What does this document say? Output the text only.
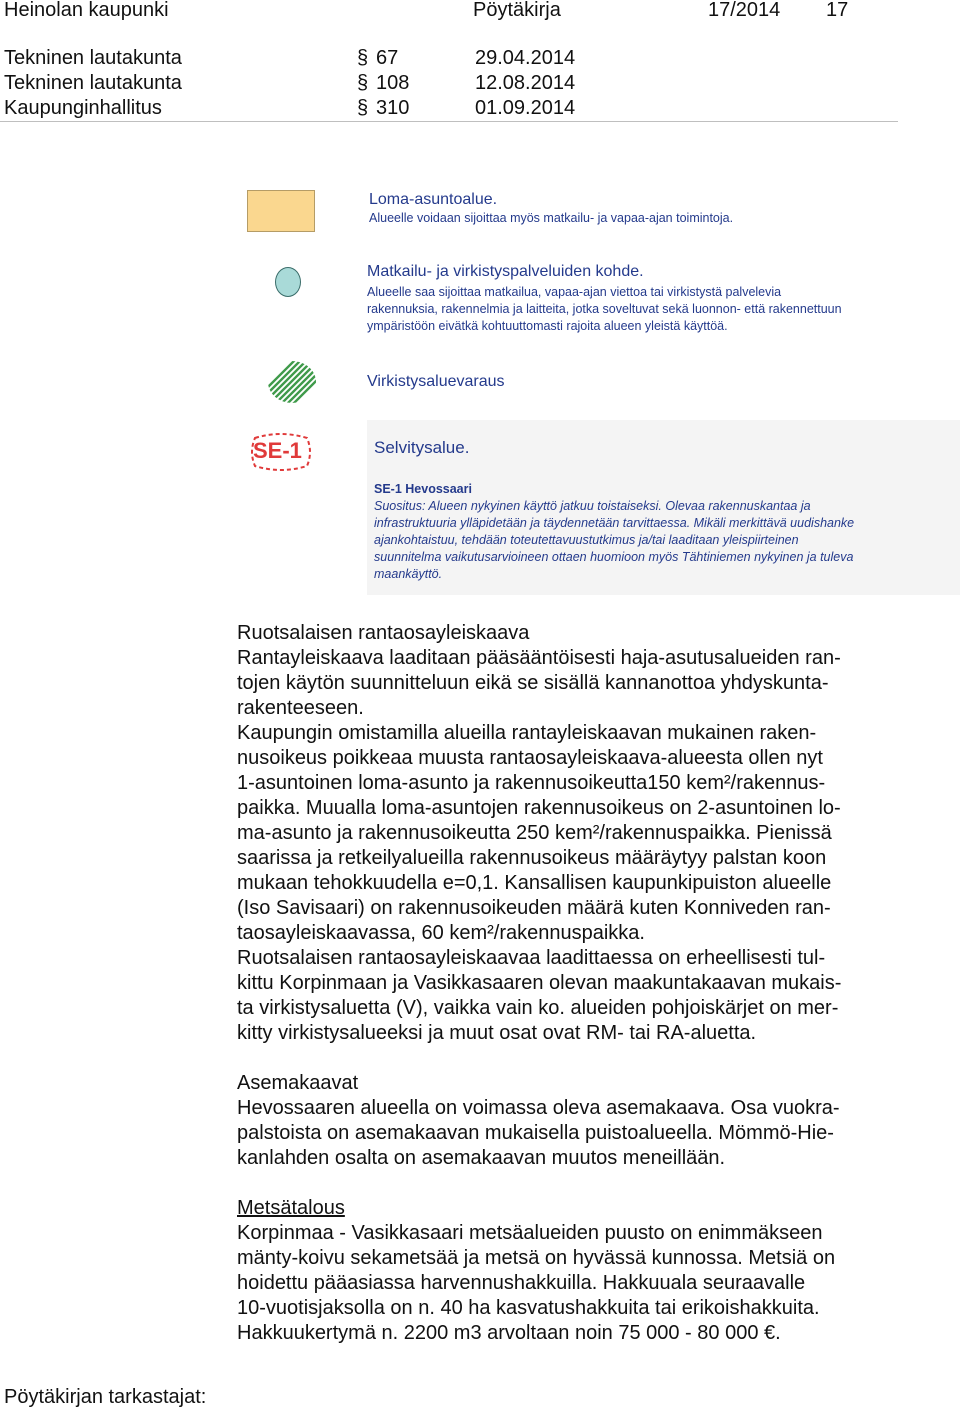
Heinolan kaupunki	Pöytäkirja	17/2014 17
Tekninen lautakunta	§ 67	29.04.2014
Tekninen lautakunta	§ 108	12.08.2014
Kaupunginhallitus	§ 310	01.09.2014
Loma-asuntoalue.
Alueelle voidaan sijoittaa myös matkailu- ja vapaa-ajan toimintoja.
Matkailu- ja virkistyspalveluiden kohde.
Alueelle saa sijoittaa matkailua, vapaa-ajan viettoa tai virkistystä palvelevia
rakennuksia, rakennelmia ja laitteita, jotka soveltuvat sekä luonnon- että rakennettuun
ympäristöön eivätkä kohtuuttomasti rajoita alueen yleistä käyttöä.
Virkistysaluevaraus
SE-1	Selvitysalue.
SE-1 Hevossaari
Suositus: Alueen nykyinen käyttö jatkuu toistaiseksi. Olevaa rakennuskantaa ja
infrastruktuuria ylläpidetään ja täydennetään tarvittaessa. Mikäli merkittävä uudishanke
ajankohtaistuu, tehdään toteutettavuustutkimus ja/tai laaditaan yleispiirteinen
suunnitelma vaikutusarvioineen ottaen huomioon myös Tähtiniemen nykyinen ja tuleva
maankäyttö.
Ruotsalaisen rantaosayleiskaava
Rantayleiskaava laaditaan pääsääntöisesti haja-asutusalueiden ran-
tojen käytön suunnitteluun eikä se sisällä kannanottoa yhdyskunta-
rakenteeseen.
Kaupungin omistamilla alueilla rantayleiskaavan mukainen raken-
nusoikeus poikkeaa muusta rantaosayleiskaava-alueesta ollen nyt
1-asuntoinen loma-asunto ja rakennusoikeutta150 kem²/rakennus-
paikka. Muualla loma-asuntojen rakennusoikeus on 2-asuntoinen lo-
ma-asunto ja rakennusoikeutta 250 kem²/rakennuspaikka. Pienissä
saarissa ja retkeilyalueilla rakennusoikeus määräytyy palstan koon
mukaan tehokkuudella e=0,1. Kansallisen kaupunkipuiston alueelle
(Iso Savisaari) on rakennusoikeuden määrä kuten Konniveden ran-
taosayleiskaavassa, 60 kem²/rakennuspaikka.
Ruotsalaisen rantaosayleiskaavaa laadittaessa on erheellisesti tul-
kittu Korpinmaan ja Vasikkasaaren olevan maakuntakaavan mukais-
ta virkistysaluetta (V), vaikka vain ko. alueiden pohjoiskärjet on mer-
kitty virkistysalueeksi ja muut osat ovat RM- tai RA-aluetta.
Asemakaavat
Hevossaaren alueella on voimassa oleva asemakaava. Osa vuokra-
palstoista on asemakaavan mukaisella puistoalueella. Mömmö-Hie-
kanlahden osalta on asemakaavan muutos meneillään.
Metsätalous
Korpinmaa - Vasikkasaari metsäalueiden puusto on enimmäkseen
mänty-koivu sekametsää ja metsä on hyvässä kunnossa. Metsiä on
hoidettu pääasiassa harvennushakkuilla. Hakkuuala seuraavalle
10-vuotisjaksolla on n. 40 ha kasvatushakkuita tai erikoishakkuita.
Hakkuukertymä n. 2200 m3 arvoltaan noin 75 000 - 80 000 €.
Pöytäkirjan tarkastajat:
